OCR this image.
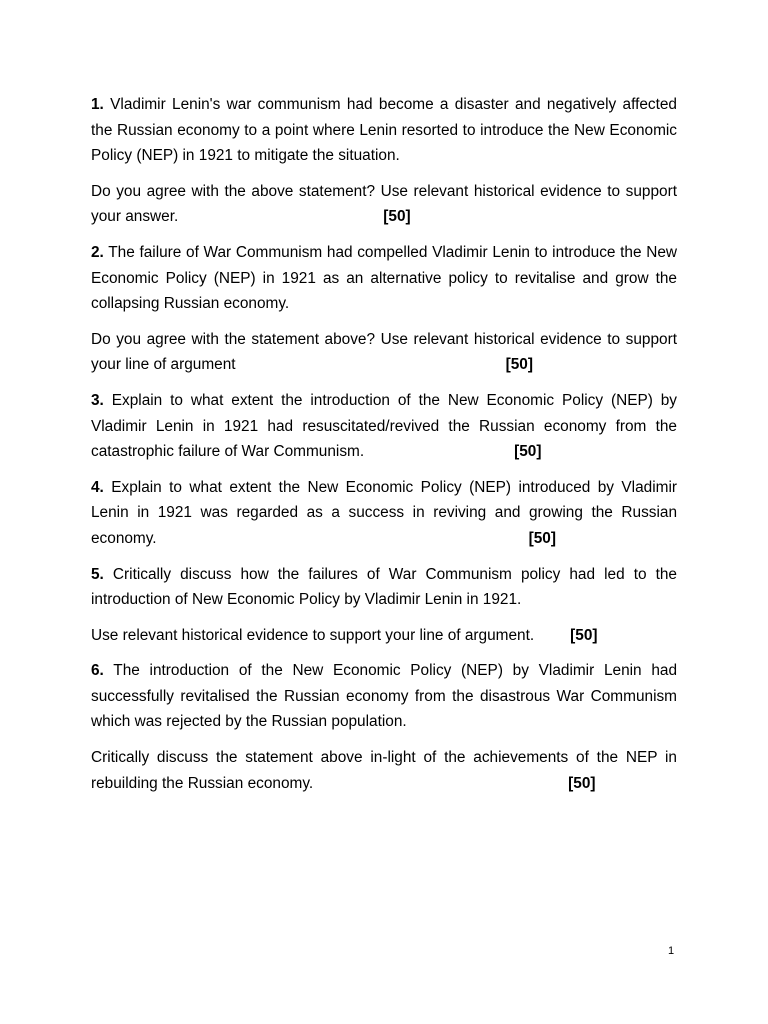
1. Vladimir Lenin's war communism had become a disaster and negatively affected the Russian economy to a point where Lenin resorted to introduce the New Economic Policy (NEP) in 1921 to mitigate the situation.

Do you agree with the above statement? Use relevant historical evidence to support your answer.	[50]

2. The failure of War Communism had compelled Vladimir Lenin to introduce the New Economic Policy (NEP) in 1921 as an alternative policy to revitalise and grow the collapsing Russian economy.

Do you agree with the statement above? Use relevant historical evidence to support your line of argument	[50]

3. Explain to what extent the introduction of the New Economic Policy (NEP) by Vladimir Lenin in 1921 had resuscitated/revived the Russian economy from the catastrophic failure of War Communism.	[50]

4. Explain to what extent the New Economic Policy (NEP) introduced by Vladimir Lenin in 1921 was regarded as a success in reviving and growing the Russian economy.	[50]

5. Critically discuss how the failures of War Communism policy had led to the introduction of New Economic Policy by Vladimir Lenin in 1921.

Use relevant historical evidence to support your line of argument. [50]

6. The introduction of the New Economic Policy (NEP) by Vladimir Lenin had successfully revitalised the Russian economy from the disastrous War Communism which was rejected by the Russian population.

Critically discuss the statement above in-light of the achievements of the NEP in rebuilding the Russian economy.	[50]

1
